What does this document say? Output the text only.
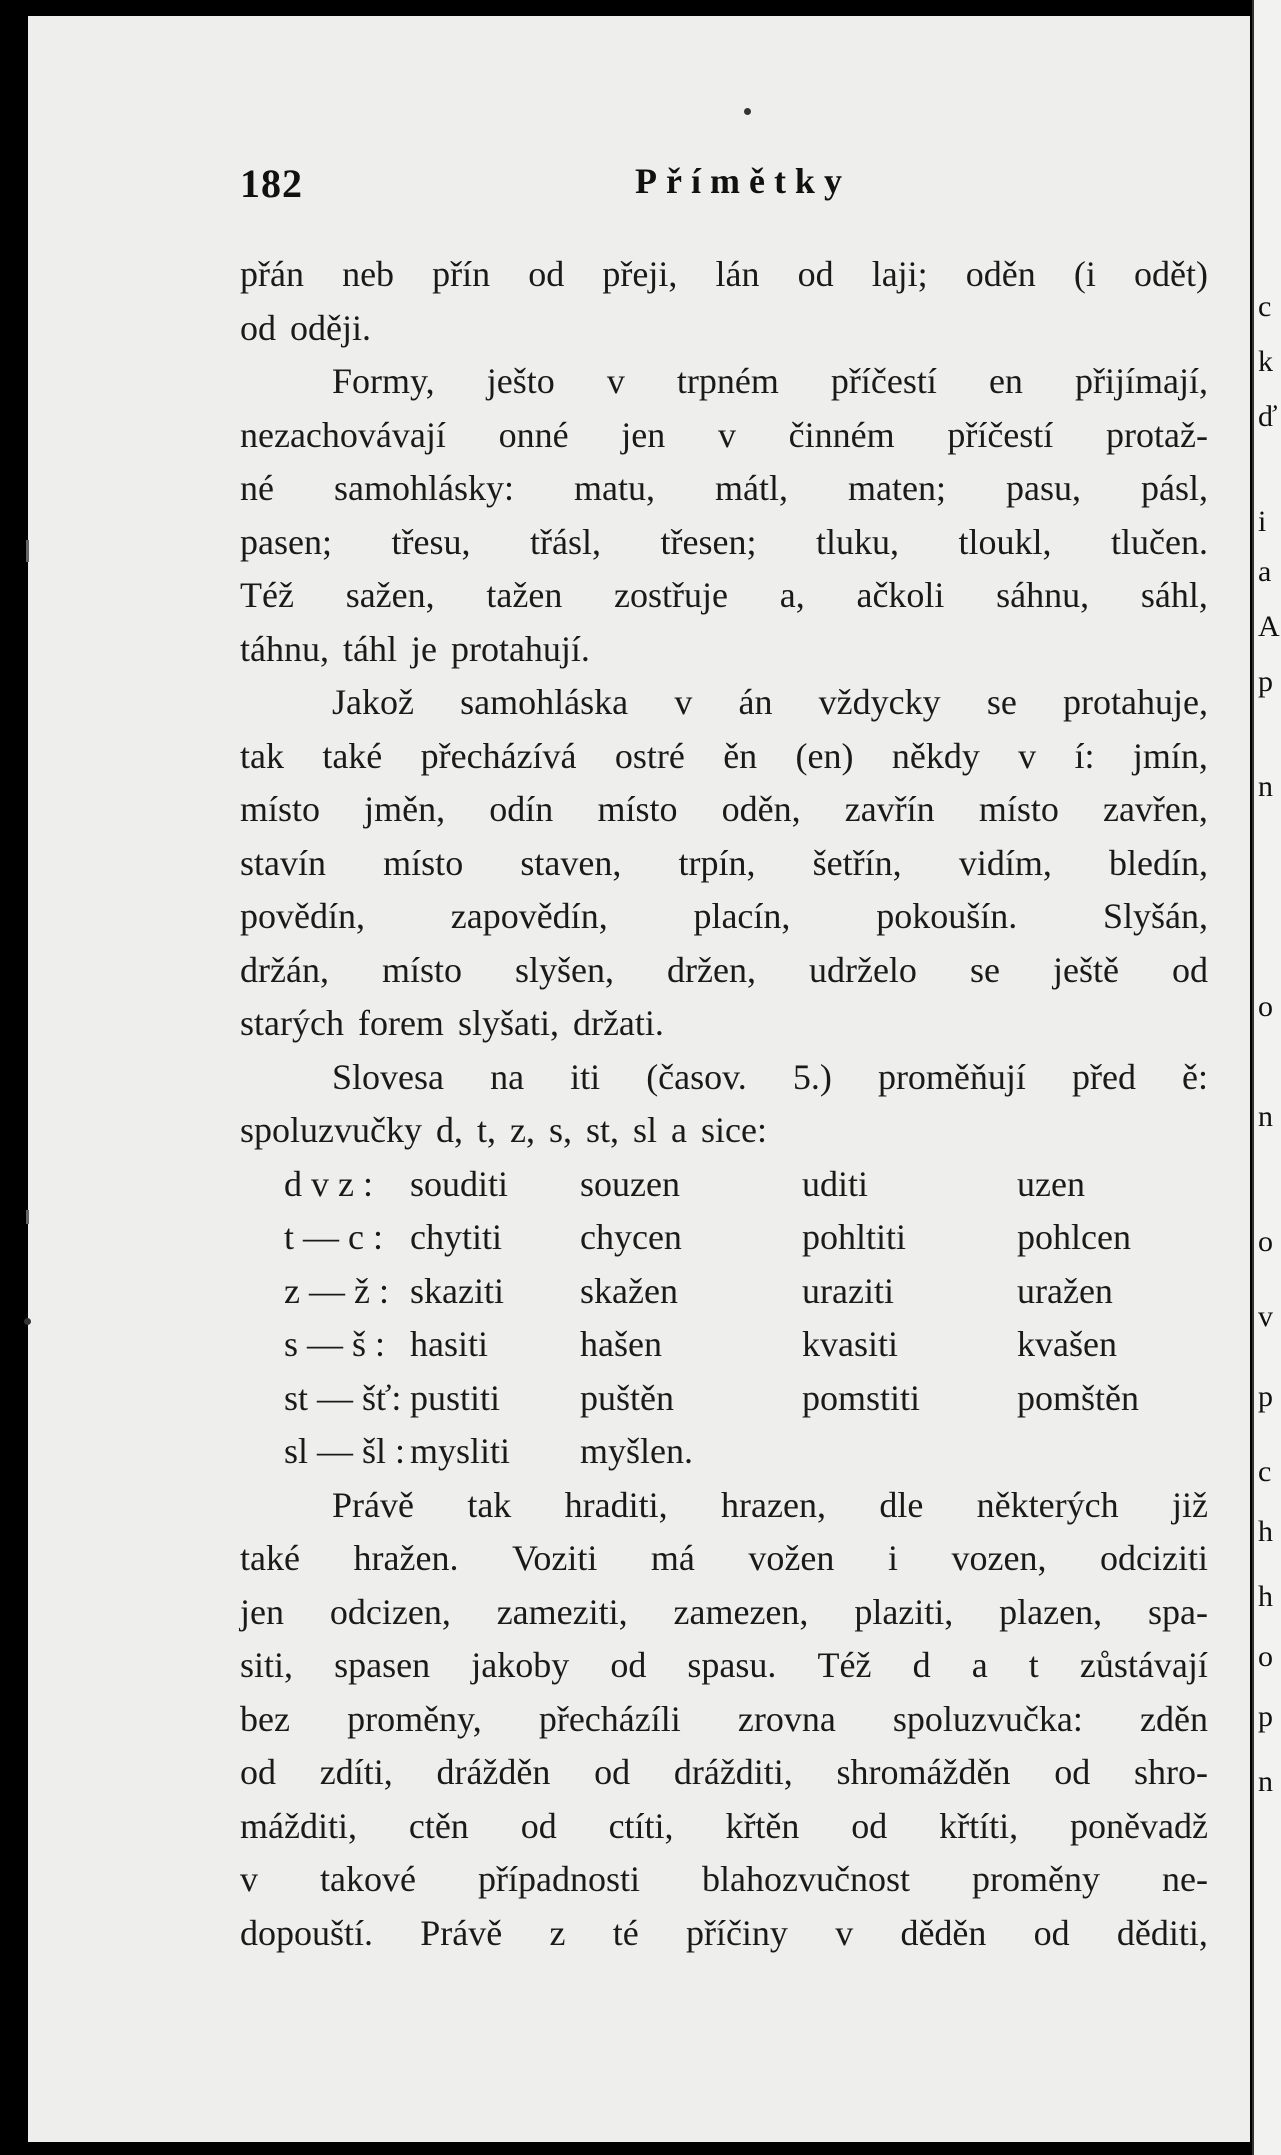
c
k
ď
i
a
A
p
n
o
n
o
v
p
c
h
h
o
p
n
182	Přímětky
přán neb přín od přeji, lán od laji; oděn (i odět)
od oději.
Formy, ješto v trpném příčestí en přijímají,
nezachovávají onné jen v činném příčestí protaž-
né samohlásky: matu, mátl, maten; pasu, pásl,
pasen; třesu, třásl, třesen; tluku, tloukl, tlučen.
Též sažen, tažen zostřuje a, ačkoli sáhnu, sáhl,
táhnu, táhl je protahují.
Jakož samohláska v án vždycky se protahuje,
tak také přecházívá ostré ěn (en) někdy v í: jmín,
místo jměn, odín místo oděn, zavřín místo zavřen,
stavín místo staven, trpín, šetřín, vidím, bledín,
povědín, zapovědín, placín, pokoušín. Slyšán,
držán, místo slyšen, držen, udrželo se ještě od
starých forem slyšati, držati.
Slovesa na iti (časov. 5.) proměňují před ě:
spoluzvučky d, t, z, s, st, sl a sice:
d v z :	souditi	souzen	uditi	uzen
t — c : chytiti	chycen	pohltiti	pohlcen
z — ž : skaziti	skažen	uraziti	uražen
s — š : hasiti	hašen	kvasiti	kvašen
st — šť: pustiti	puštěn	pomstiti	pomštěn
sl — šl : mysliti	myšlen.
Právě tak hraditi, hrazen, dle některých již
také hražen. Voziti má vožen i vozen, odciziti
jen odcizen, zameziti, zamezen, plaziti, plazen, spa-
siti, spasen jakoby od spasu. Též d a t zůstávají
bez proměny, přecházíli zrovna spoluzvučka: zděn
od zdíti, drážděn od drážditi, shromážděn od shro-
mážditi, ctěn od ctíti, křtěn od křtíti, poněvadž
v takové případnosti blahozvučnost proměny ne-
dopouští. Právě z té příčiny v děděn od děditi,
